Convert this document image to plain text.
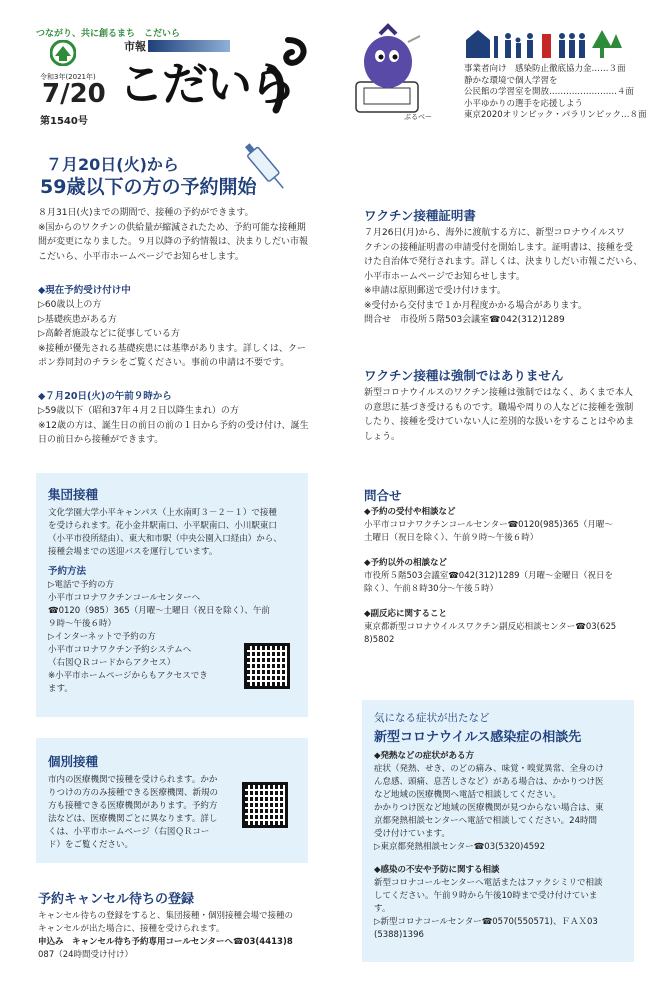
つながり、共に創るまち　こだいら
令和3年(2021年)
7/20
第1540号
市報
こだいら
ぶるベー
事業者向け　感染防止徹底協力金……３面
静かな環境で個人学習を
公民館の学習室を開放……………………４面
小平ゆかりの選手を応援しよう
東京2020オリンピック・パラリンピック…８面
７月20日(火)から
59歳以下の方の予約開始
８月31日(火)までの期間で、接種の予約ができます。
※国からのワクチンの供給量が縮減されたため、予約可能な接種期
間が変更になりました。９月以降の予約情報は、決まりしだい市報
こだいら、小平市ホームページでお知らせします。
◆現在予約受け付け中
▷60歳以上の方
▷基礎疾患がある方
▷高齢者施設などに従事している方
※接種が優先される基礎疾患には基準があります。詳しくは、クー
ポン券同封のチラシをご覧ください。事前の申請は不要です。
◆７月20日(火)の午前９時から
▷59歳以下（昭和37年４月２日以降生まれ）の方
※12歳の方は、誕生日の前日の前の１日から予約の受け付け、誕生
日の前日から接種ができます。
ワクチン接種証明書
７月26日(月)から、海外に渡航する方に、新型コロナウイルスワ
クチンの接種証明書の申請受付を開始します。証明書は、接種を受
けた自治体で発行されます。詳しくは、決まりしだい市報こだいら、
小平市ホームページでお知らせします。
※申請は原則郵送で受け付けます。
※受付から交付まで１か月程度かかる場合があります。
問合せ　市役所５階503会議室☎042(312)1289
ワクチン接種は強制ではありません
新型コロナウイルスのワクチン接種は強制ではなく、あくまで本人
の意思に基づき受けるものです。職場や周りの人などに接種を強制
したり、接種を受けていない人に差別的な扱いをすることはやめま
しょう。
集団接種
文化学園大学小平キャンパス（上水南町３－２－１）で接種
を受けられます。花小金井駅南口、小平駅南口、小川駅東口
（小平市役所経由）、東大和市駅（中央公園入口経由）から、
接種会場までの送迎バスを運行しています。
予約方法
▷電話で予約の方
小平市コロナワクチンコールセンターへ
☎0120（985）365（月曜～土曜日（祝日を除く）、午前
９時～午後６時）
▷インターネットで予約の方
小平市コロナワクチン予約システムへ
（右図ＱＲコードからアクセス）
※小平市ホームページからもアクセスでき
ます。
個別接種
市内の医療機関で接種を受けられます。かか
りつけの方のみ接種できる医療機関、新規の
方も接種できる医療機関があります。予約方
法などは、医療機関ごとに異なります。詳し
くは、小平市ホームページ（右図ＱＲコー
ド）をご覧ください。
予約キャンセル待ちの登録
キャンセル待ちの登録をすると、集団接種・個別接種会場で接種の
キャンセルが出た場合に、接種を受けられます。
申込み　キャンセル待ち予約専用コールセンターへ☎03(4413)8
087（24時間受け付け）
問合せ
◆予約の受付や相談など
小平市コロナワクチンコールセンター☎0120(985)365（月曜～
土曜日（祝日を除く）、午前９時～午後６時）
◆予約以外の相談など
市役所５階503会議室☎042(312)1289（月曜～金曜日（祝日を
除く）、午前８時30分～午後５時）
◆副反応に関すること
東京都新型コロナウイルスワクチン副反応相談センター☎03(625
8)5802
気になる症状が出たなど
新型コロナウイルス感染症の相談先
◆発熱などの症状がある方
症状（発熱、せき、のどの痛み、味覚・嗅覚異常、全身のけ
ん怠感、頭痛、息苦しさなど）がある場合は、かかりつけ医
など地域の医療機関へ電話で相談してください。
かかりつけ医など地域の医療機関が見つからない場合は、東
京都発熱相談センターへ電話で相談してください。24時間
受け付けています。
▷東京都発熱相談センター☎03(5320)4592
◆感染の不安や予防に関する相談
新型コロナコールセンターへ電話またはファクシミリで相談
してください。午前９時から午後10時まで受け付けていま
す。
▷新型コロナコールセンター☎0570(550571)、ＦＡＸ03
(5388)1396
